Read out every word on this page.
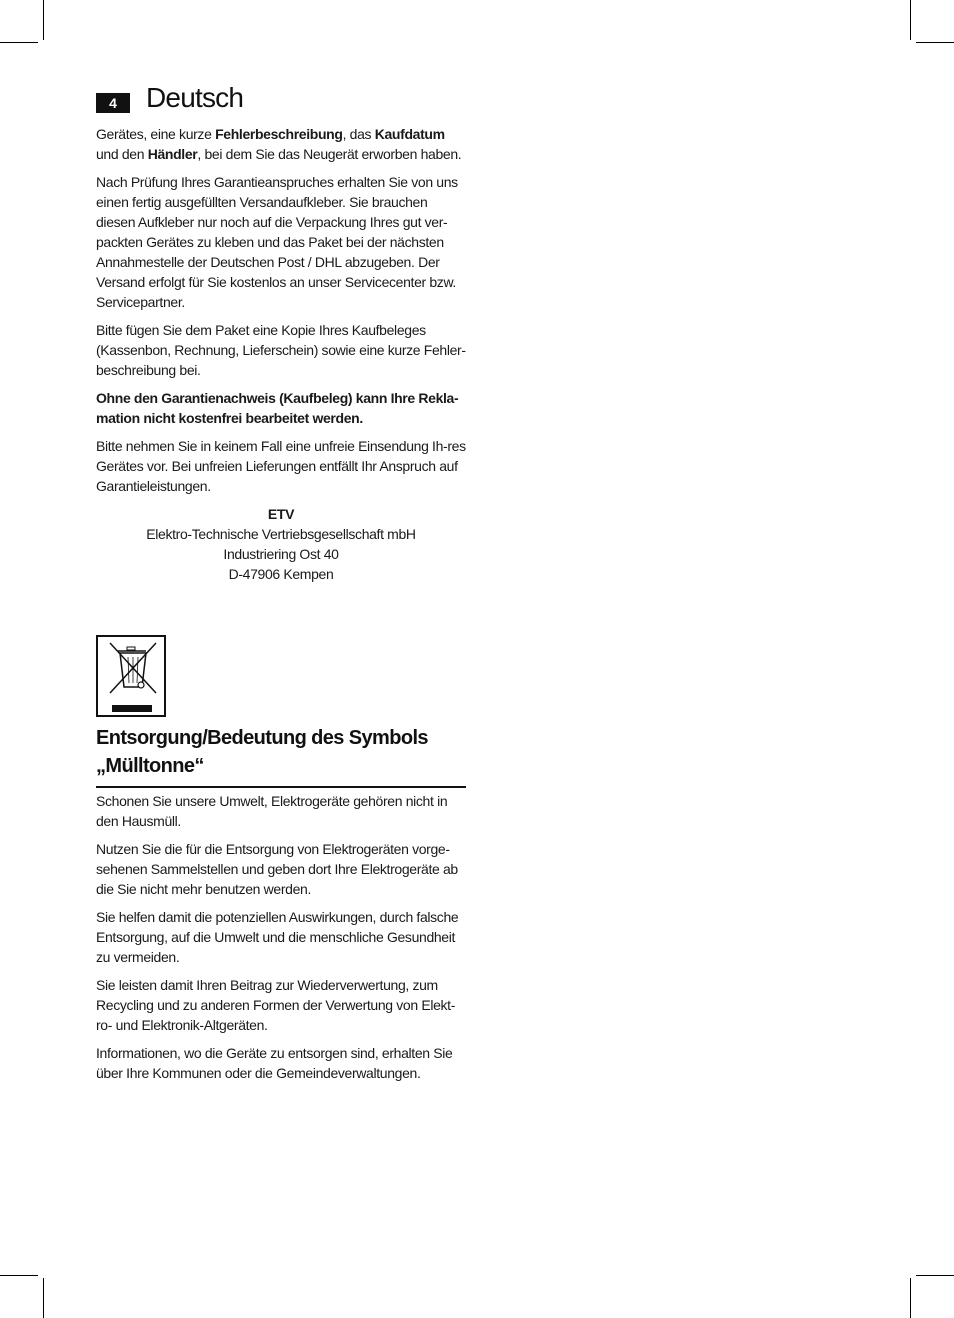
4	Deutsch

Gerätes, eine kurze Fehlerbeschreibung, das Kaufdatum und den Händler, bei dem Sie das Neugerät erworben haben.

Nach Prüfung Ihres Garantieanspruches erhalten Sie von uns einen fertig ausgefüllten Versandaufkleber. Sie brauchen diesen Aufkleber nur noch auf die Verpackung Ihres gut ver-packten Gerätes zu kleben und das Paket bei der nächsten Annahmestelle der Deutschen Post / DHL abzugeben. Der Versand erfolgt für Sie kostenlos an unser Servicecenter bzw. Servicepartner.

Bitte fügen Sie dem Paket eine Kopie Ihres Kaufbeleges (Kassenbon, Rechnung, Lieferschein) sowie eine kurze Fehler-beschreibung bei.

Ohne den Garantienachweis (Kaufbeleg) kann Ihre Rekla-mation nicht kostenfrei bearbeitet werden.

Bitte nehmen Sie in keinem Fall eine unfreie Einsendung Ih-res Gerätes vor. Bei unfreien Lieferungen entfällt Ihr Anspruch auf Garantieleistungen.

ETV
Elektro-Technische Vertriebsgesellschaft mbH
Industriering Ost 40
D-47906 Kempen
Entsorgung/Bedeutung des Symbols „Mülltonne“

Schonen Sie unsere Umwelt, Elektrogeräte gehören nicht in den Hausmüll.

Nutzen Sie die für die Entsorgung von Elektrogeräten vorge-sehenen Sammelstellen und geben dort Ihre Elektrogeräte ab die Sie nicht mehr benutzen werden.

Sie helfen damit die potenziellen Auswirkungen, durch falsche Entsorgung, auf die Umwelt und die menschliche Gesundheit zu vermeiden.

Sie leisten damit Ihren Beitrag zur Wiederverwertung, zum Recycling und zu anderen Formen der Verwertung von Elekt-ro- und Elektronik-Altgeräten.

Informationen, wo die Geräte zu entsorgen sind, erhalten Sie über Ihre Kommunen oder die Gemeindeverwaltungen.
